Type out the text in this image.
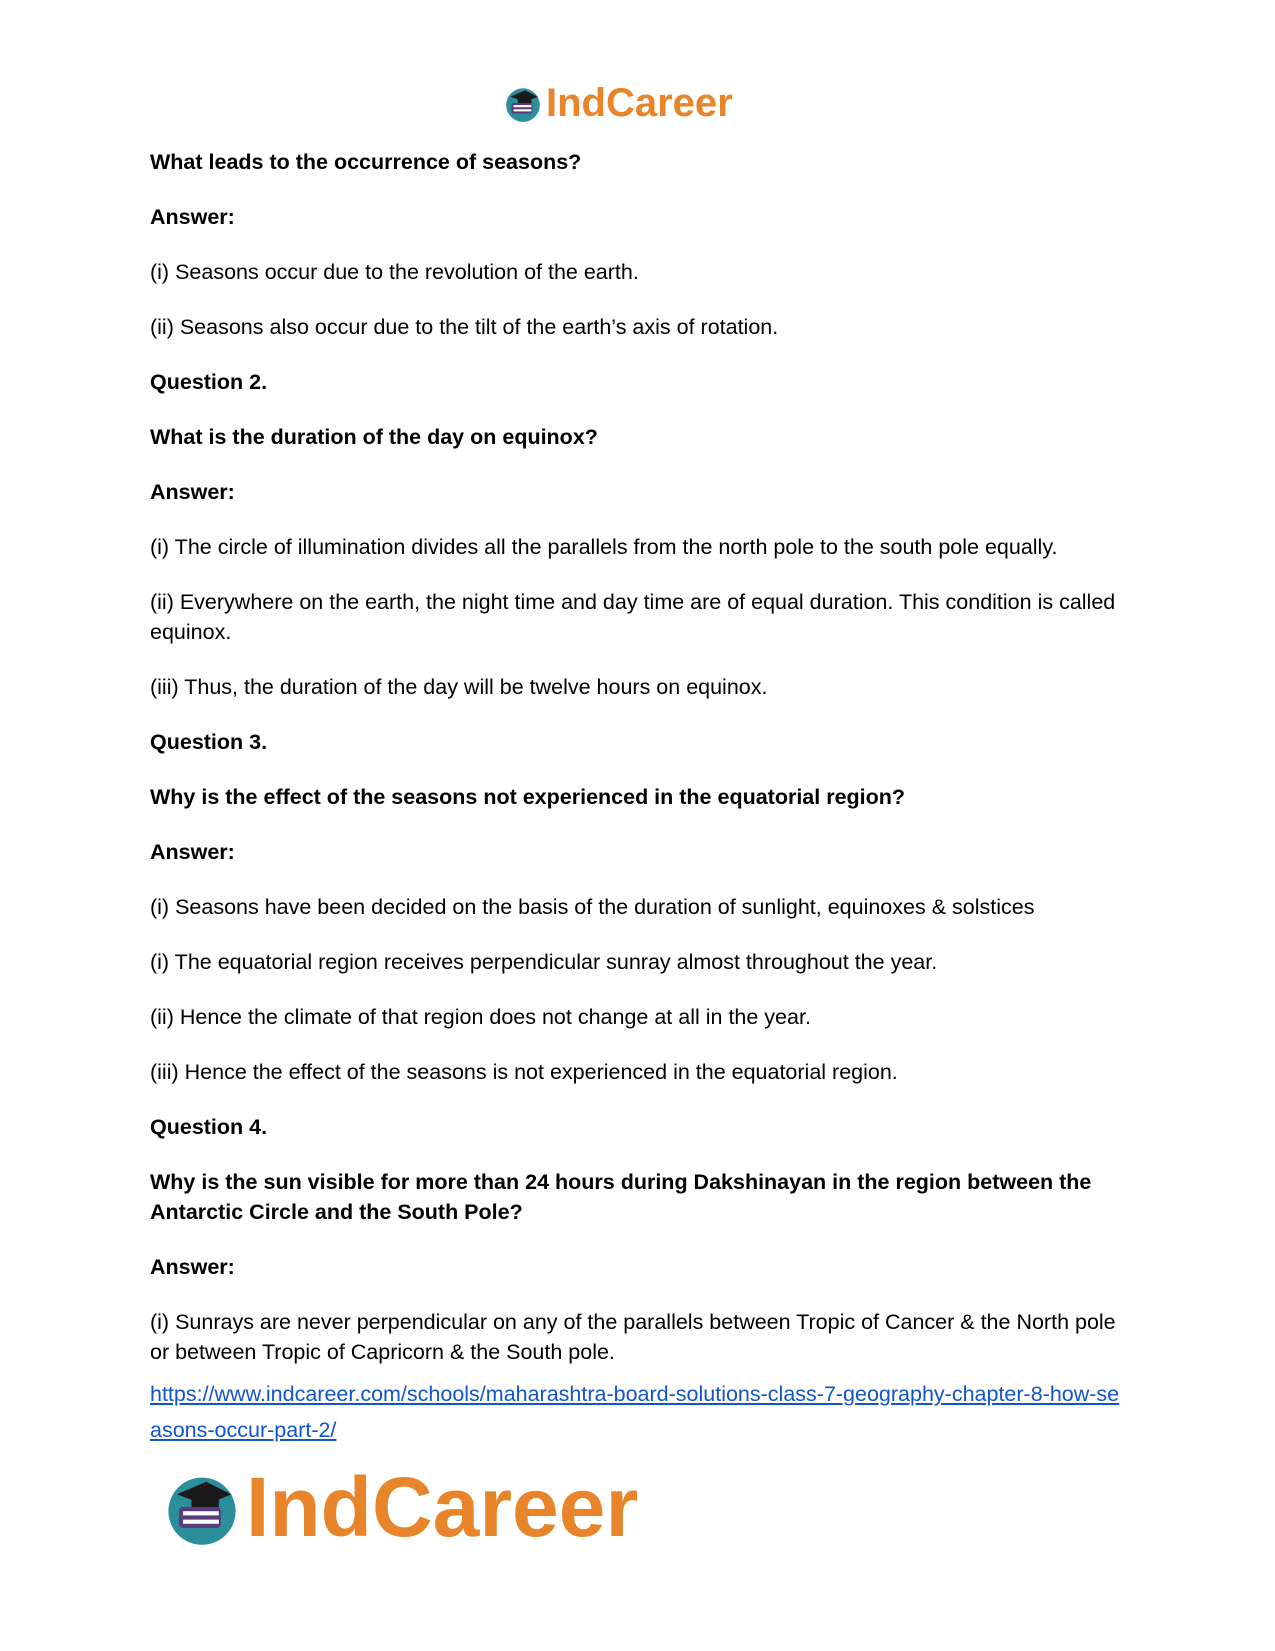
IndCareer

What leads to the occurrence of seasons?

Answer:

(i) Seasons occur due to the revolution of the earth.

(ii) Seasons also occur due to the tilt of the earth’s axis of rotation.

Question 2.

What is the duration of the day on equinox?

Answer:

(i) The circle of illumination divides all the parallels from the north pole to the south pole equally.

(ii) Everywhere on the earth, the night time and day time are of equal duration. This condition is called equinox.

(iii) Thus, the duration of the day will be twelve hours on equinox.

Question 3.

Why is the effect of the seasons not experienced in the equatorial region?

Answer:

(i) Seasons have been decided on the basis of the duration of sunlight, equinoxes & solstices

(i) The equatorial region receives perpendicular sunray almost throughout the year.

(ii) Hence the climate of that region does not change at all in the year.

(iii) Hence the effect of the seasons is not experienced in the equatorial region.

Question 4.

Why is the sun visible for more than 24 hours during Dakshinayan in the region between the Antarctic Circle and the South Pole?

Answer:

(i) Sunrays are never perpendicular on any of the parallels between Tropic of Cancer & the North pole or between Tropic of Capricorn & the South pole.

https://www.indcareer.com/schools/maharashtra-board-solutions-class-7-geography-chapter-8-how-seasons-occur-part-2/
IndCareer
